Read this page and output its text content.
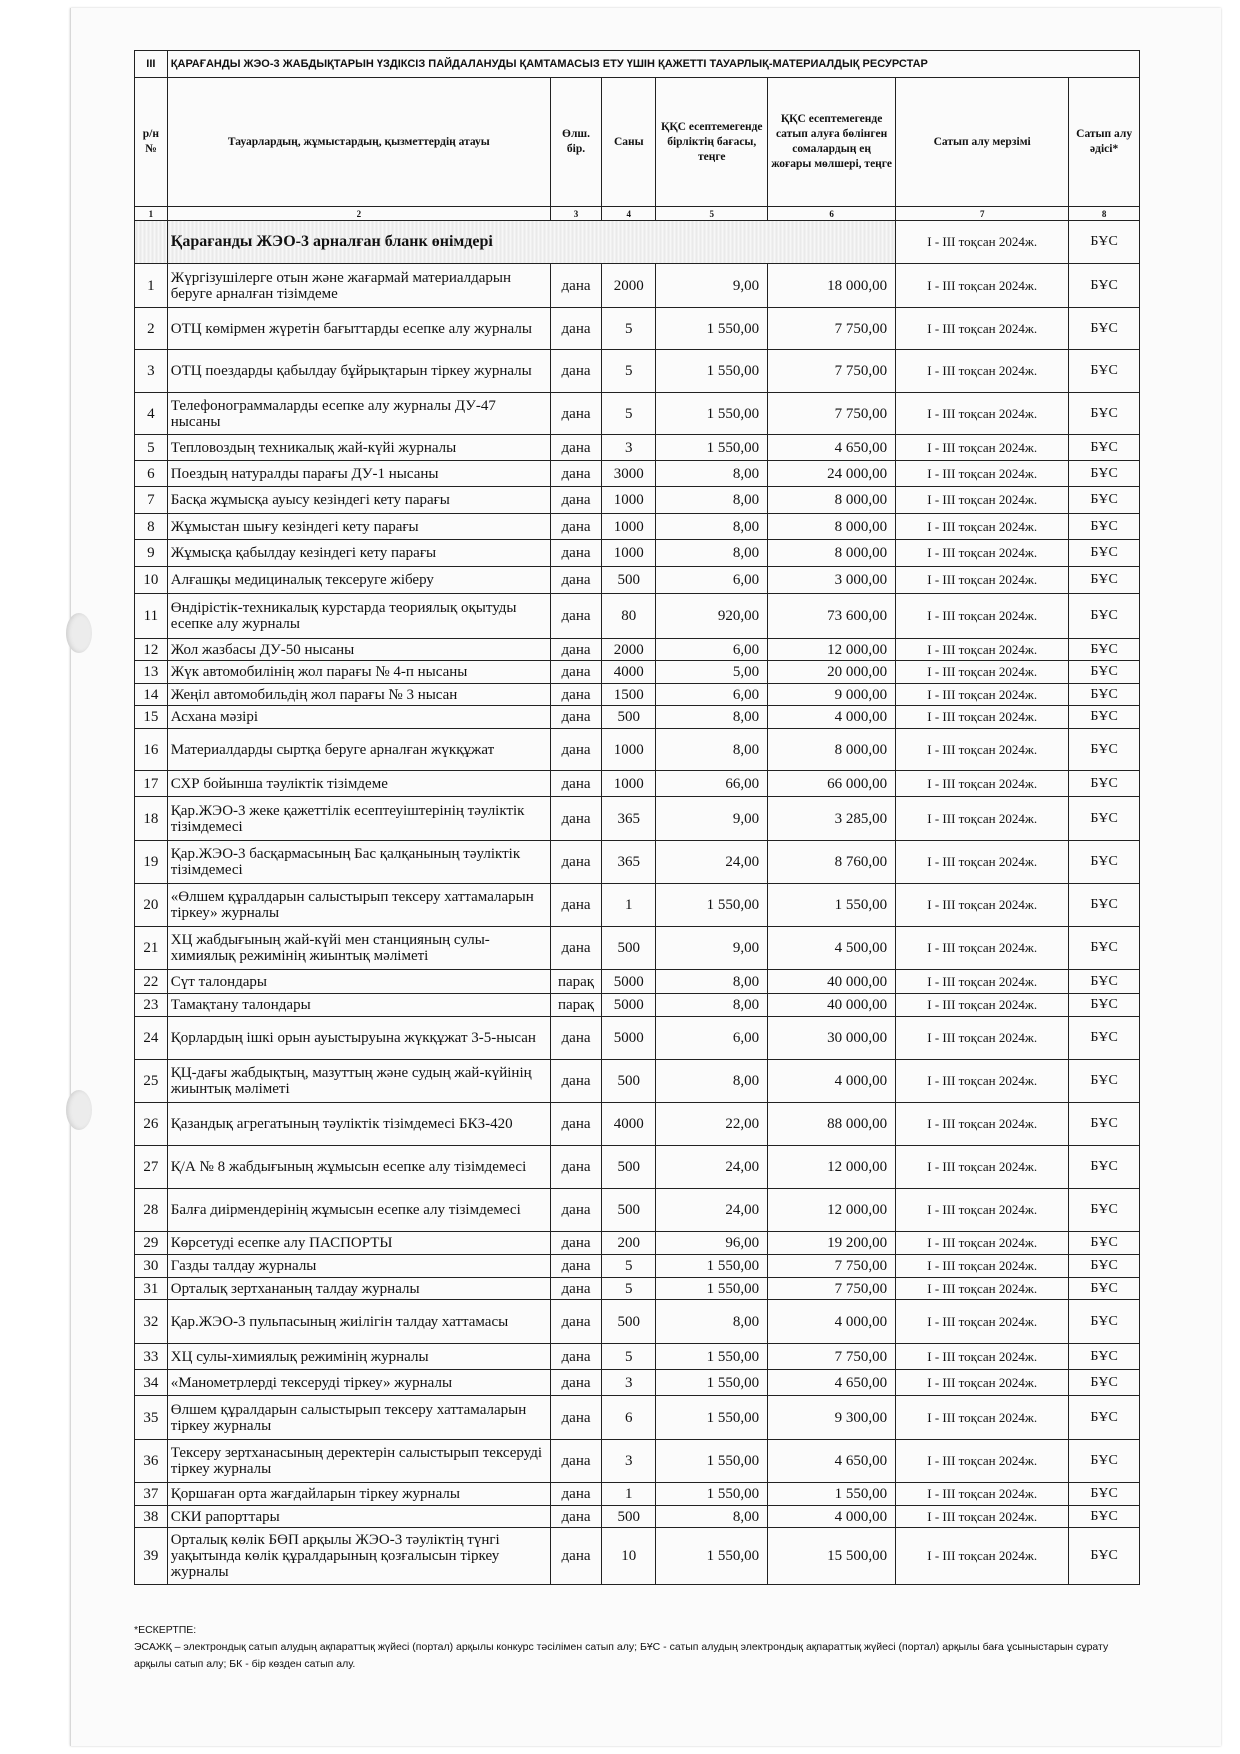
III	ҚАРАҒАНДЫ ЖЭО-3 ЖАБДЫҚТАРЫН ҮЗДІКСІЗ ПАЙДАЛАНУДЫ ҚАМТАМАСЫЗ ЕТУ ҮШІН ҚАЖЕТТІ ТАУАРЛЫҚ-МАТЕРИАЛДЫҚ РЕСУРСТАР						
р/н №	Тауарлардың, жұмыстардың, қызметтердің атауы	Өлш. бір.	Саны	ҚҚС есептемегенде бірліктің бағасы, теңге	ҚҚС есептемегенде сатып алуға бөлінген сомалардың ең жоғары мөлшері, теңге	Сатып алу мерзімі	Сатып алу әдісі*
1	2	3	4	5	6	7	8
	Қарағанды ЖЭО-3 арналған бланк өнімдері					I - III тоқсан 2024ж.	БҰС
1	Жүргізушілерге отын және жағармай материалдарын беруге арналған тізімдеме	дана	2000	9,00	18 000,00	I - III тоқсан 2024ж.	БҰС
2	ОТЦ көмірмен жүретін бағыттарды есепке алу журналы	дана	5	1 550,00	7 750,00	I - III тоқсан 2024ж.	БҰС
3	ОТЦ поездарды қабылдау бұйрықтарын тіркеу журналы	дана	5	1 550,00	7 750,00	I - III тоқсан 2024ж.	БҰС
4	Телефонограммаларды есепке алу журналы ДУ-47 нысаны	дана	5	1 550,00	7 750,00	I - III тоқсан 2024ж.	БҰС
5	Тепловоздың техникалық жай-күйі журналы	дана	3	1 550,00	4 650,00	I - III тоқсан 2024ж.	БҰС
6	Поездың натуралды парағы ДУ-1 нысаны	дана	3000	8,00	24 000,00	I - III тоқсан 2024ж.	БҰС
7	Басқа жұмысқа ауысу кезіндегі кету парағы	дана	1000	8,00	8 000,00	I - III тоқсан 2024ж.	БҰС
8	Жұмыстан шығу кезіндегі кету парағы	дана	1000	8,00	8 000,00	I - III тоқсан 2024ж.	БҰС
9	Жұмысқа қабылдау кезіндегі кету парағы	дана	1000	8,00	8 000,00	I - III тоқсан 2024ж.	БҰС
10	Алғашқы медициналық тексеруге жіберу	дана	500	6,00	3 000,00	I - III тоқсан 2024ж.	БҰС
11	Өндірістік-техникалық курстарда теориялық оқытуды есепке алу журналы	дана	80	920,00	73 600,00	I - III тоқсан 2024ж.	БҰС
12	Жол жазбасы ДУ-50 нысаны	дана	2000	6,00	12 000,00	I - III тоқсан 2024ж.	БҰС
13	Жүк автомобилінің жол парағы № 4-п нысаны	дана	4000	5,00	20 000,00	I - III тоқсан 2024ж.	БҰС
14	Жеңіл автомобильдің жол парағы № 3 нысан	дана	1500	6,00	9 000,00	I - III тоқсан 2024ж.	БҰС
15	Асхана мәзірі	дана	500	8,00	4 000,00	I - III тоқсан 2024ж.	БҰС
16	Материалдарды сыртқа беруге арналған жүкқұжат	дана	1000	8,00	8 000,00	I - III тоқсан 2024ж.	БҰС
17	СХР бойынша тәуліктік тізімдеме	дана	1000	66,00	66 000,00	I - III тоқсан 2024ж.	БҰС
18	Қар.ЖЭО-3 жеке қажеттілік есептеуіштерінің тәуліктік тізімдемесі	дана	365	9,00	3 285,00	I - III тоқсан 2024ж.	БҰС
19	Қар.ЖЭО-3 басқармасының Бас қалқанының тәуліктік тізімдемесі	дана	365	24,00	8 760,00	I - III тоқсан 2024ж.	БҰС
20	«Өлшем құралдарын салыстырып тексеру хаттамаларын тіркеу» журналы	дана	1	1 550,00	1 550,00	I - III тоқсан 2024ж.	БҰС
21	ХЦ жабдығының жай-күйі мен станцияның сулы-химиялық режимінің жиынтық мәліметі	дана	500	9,00	4 500,00	I - III тоқсан 2024ж.	БҰС
22	Сүт талондары	парақ	5000	8,00	40 000,00	I - III тоқсан 2024ж.	БҰС
23	Тамақтану талондары	парақ	5000	8,00	40 000,00	I - III тоқсан 2024ж.	БҰС
24	Қорлардың ішкі орын ауыстыруына жүкқұжат 3-5-нысан	дана	5000	6,00	30 000,00	I - III тоқсан 2024ж.	БҰС
25	ҚЦ-дағы жабдықтың, мазуттың және судың жай-күйінің жиынтық мәліметі	дана	500	8,00	4 000,00	I - III тоқсан 2024ж.	БҰС
26	Қазандық агрегатының тәуліктік тізімдемесі БКЗ-420	дана	4000	22,00	88 000,00	I - III тоқсан 2024ж.	БҰС
27	Қ/А № 8 жабдығының жұмысын есепке алу тізімдемесі	дана	500	24,00	12 000,00	I - III тоқсан 2024ж.	БҰС
28	Балға диірмендерінің жұмысын есепке алу тізімдемесі	дана	500	24,00	12 000,00	I - III тоқсан 2024ж.	БҰС
29	Көрсетуді есепке алу ПАСПОРТЫ	дана	200	96,00	19 200,00	I - III тоқсан 2024ж.	БҰС
30	Газды талдау журналы	дана	5	1 550,00	7 750,00	I - III тоқсан 2024ж.	БҰС
31	Орталық зертхананың талдау журналы	дана	5	1 550,00	7 750,00	I - III тоқсан 2024ж.	БҰС
32	Қар.ЖЭО-3 пульпасының жиілігін талдау хаттамасы	дана	500	8,00	4 000,00	I - III тоқсан 2024ж.	БҰС
33	ХЦ сулы-химиялық режимінің журналы	дана	5	1 550,00	7 750,00	I - III тоқсан 2024ж.	БҰС
34	«Манометрлерді тексеруді тіркеу» журналы	дана	3	1 550,00	4 650,00	I - III тоқсан 2024ж.	БҰС
35	Өлшем құралдарын салыстырып тексеру хаттамаларын тіркеу журналы	дана	6	1 550,00	9 300,00	I - III тоқсан 2024ж.	БҰС
36	Тексеру зертханасының деректерін салыстырып тексеруді тіркеу журналы	дана	3	1 550,00	4 650,00	I - III тоқсан 2024ж.	БҰС
37	Қоршаған орта жағдайларын тіркеу журналы	дана	1	1 550,00	1 550,00	I - III тоқсан 2024ж.	БҰС
38	СКИ рапорттары	дана	500	8,00	4 000,00	I - III тоқсан 2024ж.	БҰС
39	Орталық көлік БӨП арқылы ЖЭО-3 тәуліктің түнгі уақытында көлік құралдарының қозғалысын тіркеу журналы	дана	10	1 550,00	15 500,00	I - III тоқсан 2024ж.	БҰС
*ЕСКЕРТПЕ:
ЭСАЖҚ – электрондық сатып алудың ақпараттық жүйесі (портал) арқылы конкурс тәсілімен сатып алу; БҰС - сатып алудың электрондық ақпараттық жүйесі (портал) арқылы баға ұсыныстарын сұрату арқылы сатып алу; БК - бір көзден сатып алу.
